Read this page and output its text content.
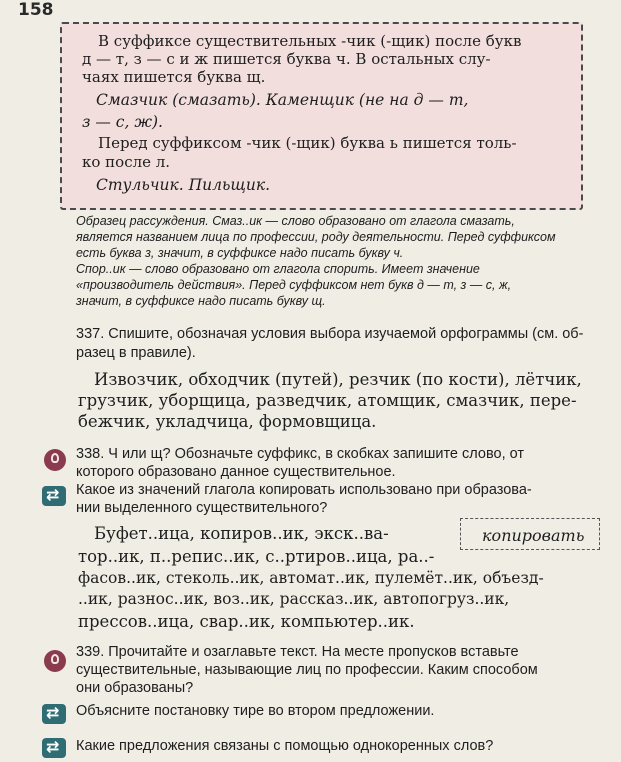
158
В суффиксе существительных -чик (-щик) после букв
д — т, з — с и ж пишется буква ч. В остальных слу-
чаях пишется буква щ.
Смазчик (смазать). Каменщик (не на д — т,
з — с, ж).
Перед суффиксом -чик (-щик) буква ь пишется толь-
ко после л.
Стульчик. Пильщик.
Образец рассуждения. Смаз..ик — слово образовано от глагола смазать,
является названием лица по профессии, роду деятельности. Перед суффиксом
есть буква з, значит, в суффиксе надо писать букву ч.
Спор..ик — слово образовано от глагола спорить. Имеет значение
«производитель действия». Перед суффиксом нет букв д — т, з — с, ж,
значит, в суффиксе надо писать букву щ.
337. Спишите, обозначая условия выбора изучаемой орфограммы (см. об-
разец в правиле).
Извозчик, обходчик (путей), резчик (по кости), лётчик,
грузчик, уборщица, разведчик, атомщик, смазчик, пере-
бежчик, укладчица, формовщица.
338. Ч или щ? Обозначьте суффикс, в скобках запишите слово, от
которого образовано данное существительное.
⇄
Какое из значений глагола копировать использовано при образова-
нии выделенного существительного?
Буфет..ица, копиров..ик, экск..ва-	копировать
тор..ик, п..репис..ик, с..ртиров..ица, ра..-
фасов..ик, стеколь..ик, автомат..ик, пулемёт..ик, объезд-
..ик, разнос..ик, воз..ик, рассказ..ик, автопогруз..ик,
прессов..ица, свар..ик, компьютер..ик.
339. Прочитайте и озаглавьте текст. На месте пропусков вставьте
существительные, называющие лиц по профессии. Каким способом
они образованы?
⇄
Объясните постановку тире во втором предложении.
⇄
Какие предложения связаны с помощью однокоренных слов?
